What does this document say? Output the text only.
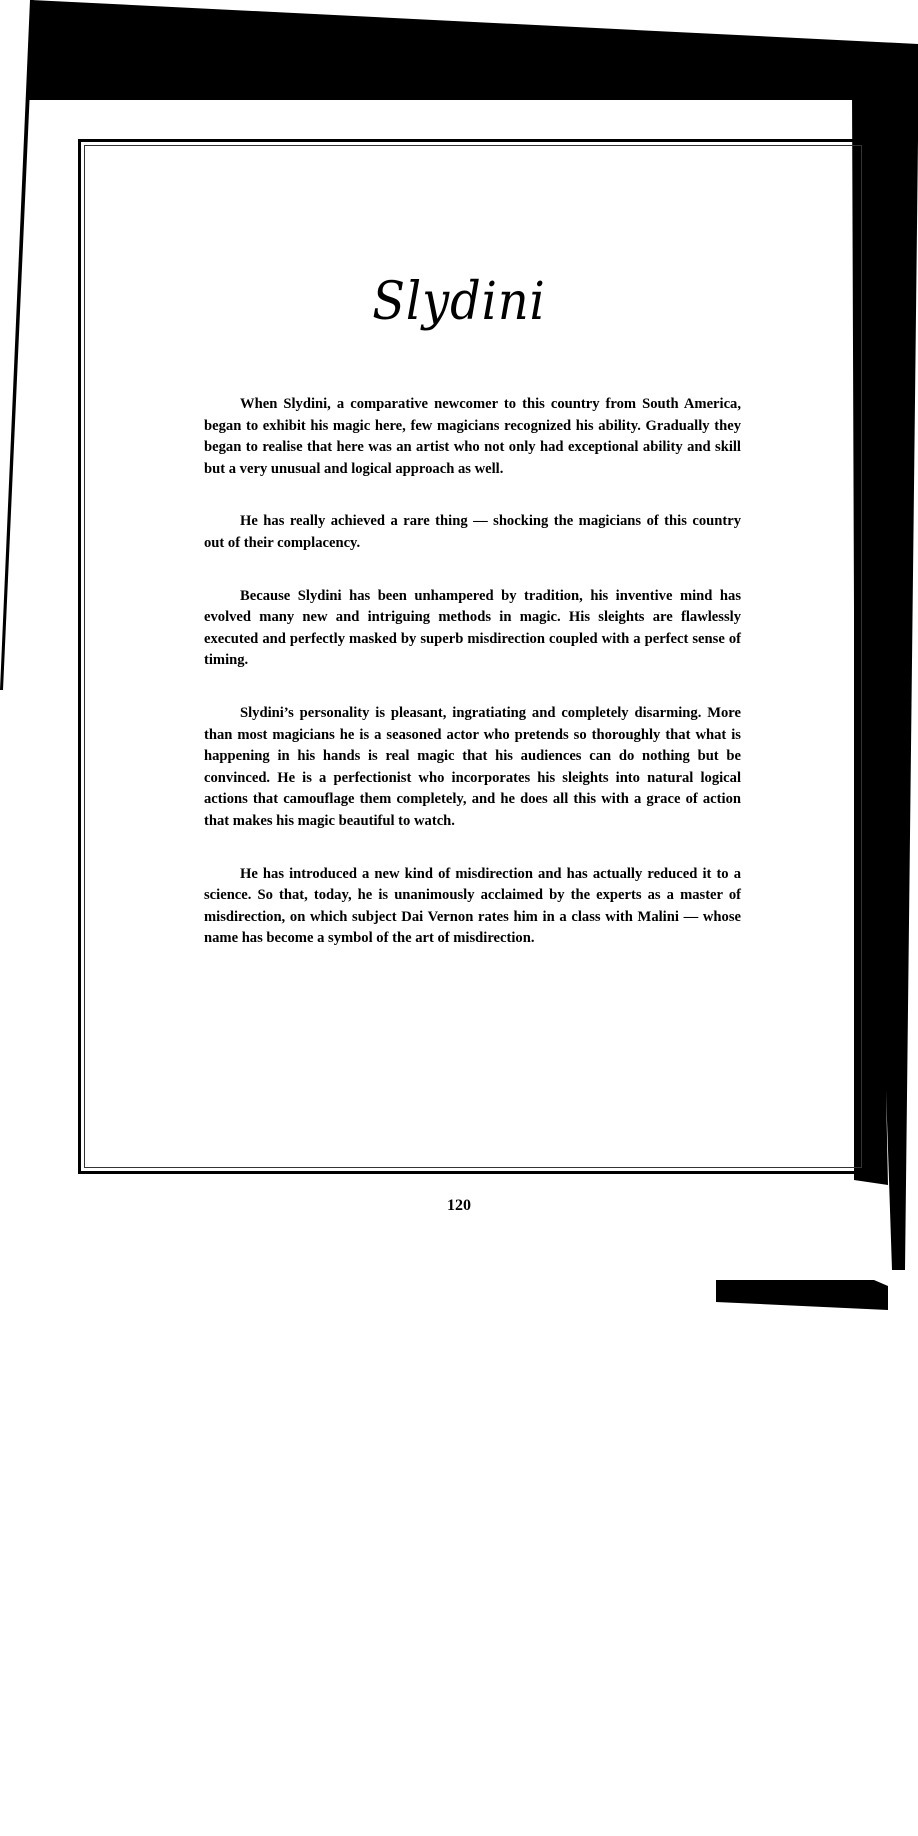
Slydini

When Slydini, a comparative newcomer to this country from South America, began to exhibit his magic here, few magicians recognized his ability. Gradually they began to realise that here was an artist who not only had exceptional ability and skill but a very unusual and logical approach as well.

He has really achieved a rare thing — shocking the magicians of this country out of their complacency.

Because Slydini has been unhampered by tradition, his inventive mind has evolved many new and intriguing methods in magic. His sleights are flawlessly executed and perfectly masked by superb misdirection coupled with a perfect sense of timing.

Slydini’s personality is pleasant, ingratiating and completely disarming. More than most magicians he is a seasoned actor who pretends so thoroughly that what is happening in his hands is real magic that his audiences can do nothing but be convinced. He is a perfectionist who incorporates his sleights into natural logical actions that camouflage them completely, and he does all this with a grace of action that makes his magic beautiful to watch.

He has introduced a new kind of misdirection and has actually reduced it to a science. So that, today, he is unanimously acclaimed by the experts as a master of misdirection, on which subject Dai Vernon rates him in a class with Malini — whose name has become a symbol of the art of misdirection.

120
